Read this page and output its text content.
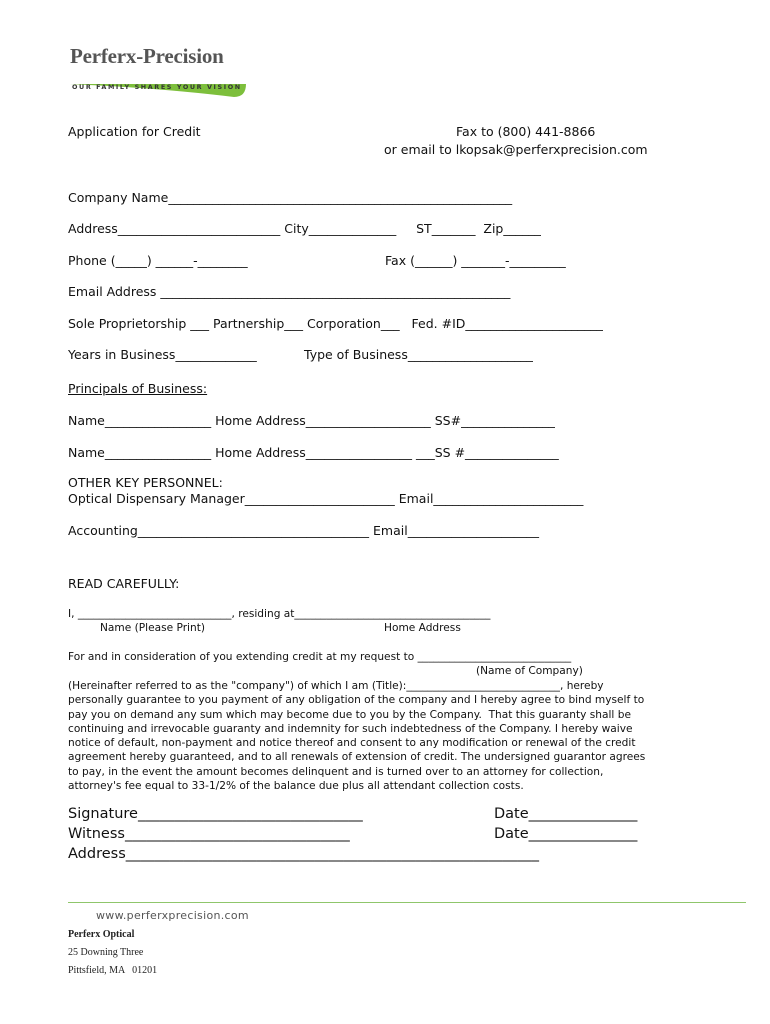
Perferx-Precision
OUR FAMILY SHARES YOUR VISION
Application for Credit	Fax to (800) 441-8866
or email to lkopsak@perferxprecision.com
Company Name_______________________________________________________
Address__________________________ City______________     ST_______  Zip______
Phone (_____) ______-________	Fax (______) _______-_________
Email Address ________________________________________________________
Sole Proprietorship ___ Partnership___ Corporation___   Fed. #ID______________________
Years in Business_____________	Type of Business____________________
Principals of Business:
Name_________________ Home Address____________________ SS#_______________
Name_________________ Home Address_________________ ___SS #_______________
OTHER KEY PERSONNEL:
Optical Dispensary Manager________________________ Email________________________
Accounting_____________________________________ Email_____________________
READ CAREFULLY:
I, _____________________________, residing at_____________________________________
Name (Please Print)	Home Address
For and in consideration of you extending credit at my request to _____________________________
(Name of Company)
(Hereinafter referred to as the "company") of which I am (Title):_____________________________, hereby
personally guarantee to you payment of any obligation of the company and I hereby agree to bind myself to
pay you on demand any sum which may become due to you by the Company.  That this guaranty shall be
continuing and irrevocable guaranty and indemnity for such indebtedness of the Company. I hereby waive
notice of default, non-payment and notice thereof and consent to any modification or renewal of the credit
agreement hereby guaranteed, and to all renewals of extension of credit. The undersigned guarantor agrees
to pay, in the event the amount becomes delinquent and is turned over to an attorney for collection,
attorney's fee equal to 33-1/2% of the balance due plus all attendant collection costs.
Signature_______________________________	Date_______________
Witness_______________________________	Date_______________
Address_________________________________________________________
www.perferxprecision.com
Perferx Optical
25 Downing Three
Pittsfield, MA   01201
